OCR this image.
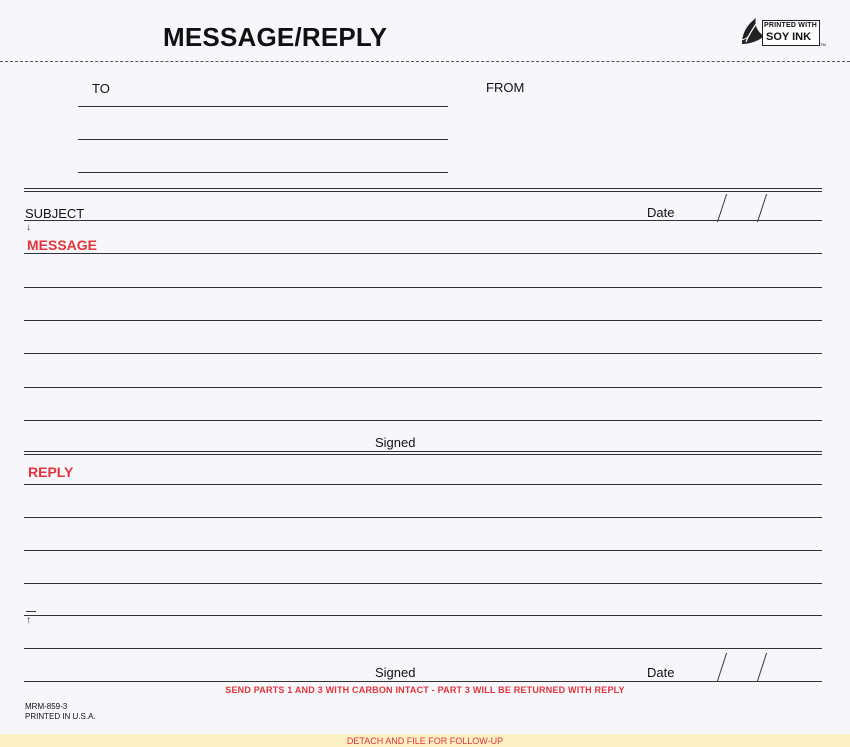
MESSAGE/REPLY	PRINTED WITH
SOY INK
TM
TO	FROM
SUBJECT	Date
↓
MESSAGE
Signed
REPLY
↑
Signed	Date
SEND PARTS 1 AND 3 WITH CARBON INTACT - PART 3 WILL BE RETURNED WITH REPLY
MRM-859-3
PRINTED IN U.S.A.
DETACH AND FILE FOR FOLLOW-UP
